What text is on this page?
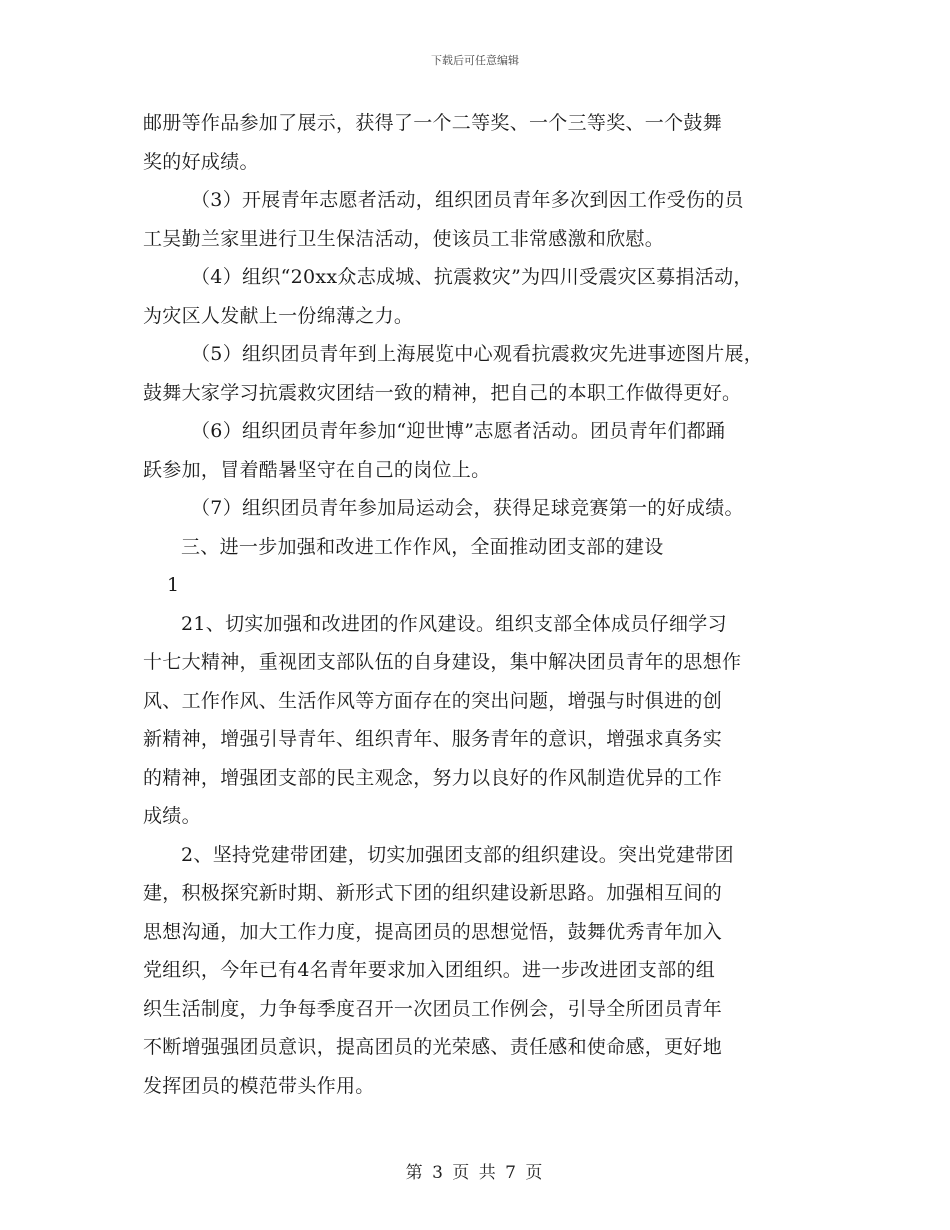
下载后可任意编辑
邮册等作品参加了展示，获得了一个二等奖、一个三等奖、一个鼓舞
奖的好成绩。
（3）开展青年志愿者活动，组织团员青年多次到因工作受伤的员
工吴勤兰家里进行卫生保洁活动，使该员工非常感激和欣慰。
（4）组织“20xx众志成城、抗震救灾”为四川受震灾区募捐活动，
为灾区人发献上一份绵薄之力。
（5）组织团员青年到上海展览中心观看抗震救灾先进事迹图片展，
鼓舞大家学习抗震救灾团结一致的精神，把自己的本职工作做得更好。
（6）组织团员青年参加“迎世博”志愿者活动。团员青年们都踊
跃参加，冒着酷暑坚守在自己的岗位上。
（7）组织团员青年参加局运动会，获得足球竞赛第一的好成绩。
三、进一步加强和改进工作作风，全面推动团支部的建设
1
21、切实加强和改进团的作风建设。组织支部全体成员仔细学习
十七大精神，重视团支部队伍的自身建设，集中解决团员青年的思想作
风、工作作风、生活作风等方面存在的突出问题，增强与时俱进的创
新精神，增强引导青年、组织青年、服务青年的意识，增强求真务实
的精神，增强团支部的民主观念，努力以良好的作风制造优异的工作
成绩。
2、坚持党建带团建，切实加强团支部的组织建设。突出党建带团
建，积极探究新时期、新形式下团的组织建设新思路。加强相互间的
思想沟通，加大工作力度，提高团员的思想觉悟，鼓舞优秀青年加入
党组织，今年已有4名青年要求加入团组织。进一步改进团支部的组
织生活制度，力争每季度召开一次团员工作例会，引导全所团员青年
不断增强强团员意识，提高团员的光荣感、责任感和使命感，更好地
发挥团员的模范带头作用。
第 3 页 共 7 页
